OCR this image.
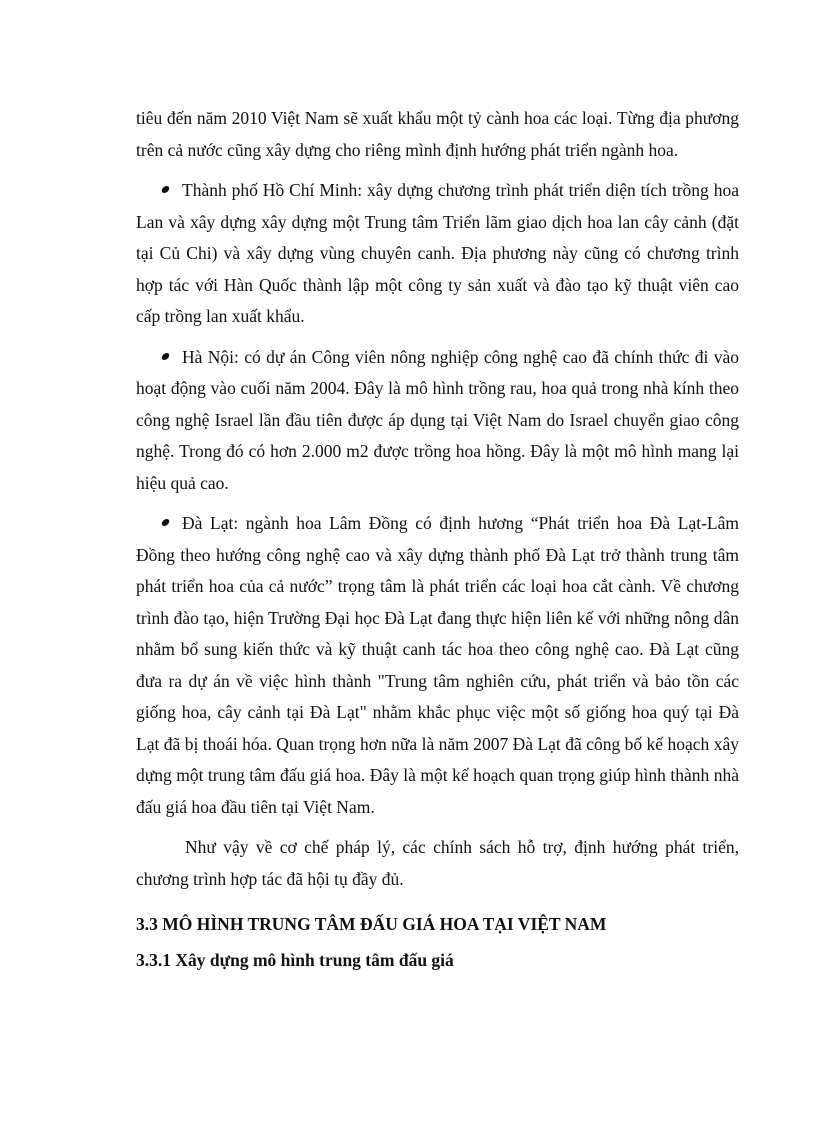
tiêu đến năm 2010 Việt Nam sẽ xuất khẩu một tỷ cành hoa các loại. Từng địa phương trên cả nước cũng xây dựng cho riêng mình định hướng phát triển ngành hoa.

Thành phố Hồ Chí Minh: xây dựng chương trình phát triển diện tích trồng hoa Lan và xây dựng xây dựng một Trung tâm Triển lãm giao dịch hoa lan cây cảnh (đặt tại Củ Chi) và xây dựng vùng chuyên canh. Địa phương này cũng có chương trình hợp tác với Hàn Quốc thành lập một công ty sản xuất và đào tạo kỹ thuật viên cao cấp trồng lan xuất khẩu.

Hà Nội: có dự án Công viên nông nghiệp công nghệ cao đã chính thức đi vào hoạt động vào cuối năm 2004. Đây là mô hình trồng rau, hoa quả trong nhà kính theo công nghệ Israel lần đầu tiên được áp dụng tại Việt Nam do Israel chuyển giao công nghệ. Trong đó có hơn 2.000 m2 được trồng hoa hồng. Đây là một mô hình mang lại hiệu quả cao.

Đà Lạt: ngành hoa Lâm Đồng có định hương “Phát triển hoa Đà Lạt-Lâm Đồng theo hướng công nghệ cao và xây dựng thành phố Đà Lạt trở thành trung tâm phát triển hoa của cả nước” trọng tâm là phát triển các loại hoa cắt cành. Về chương trình đào tạo, hiện Trường Đại học Đà Lạt đang thực hiện liên kế với những nông dân nhằm bổ sung kiến thức và kỹ thuật canh tác hoa theo công nghệ cao. Đà Lạt cũng đưa ra dự án về việc hình thành "Trung tâm nghiên cứu, phát triển và bảo tồn các giống hoa, cây cảnh tại Đà Lạt" nhằm khắc phục việc một số giống hoa quý tại Đà Lạt đã bị thoái hóa. Quan trọng hơn nữa là năm 2007 Đà Lạt đã công bố kế hoạch xây dựng một trung tâm đấu giá hoa. Đây là một kế hoạch quan trọng giúp hình thành nhà đấu giá hoa đầu tiên tại Việt Nam.

Như vậy về cơ chế pháp lý, các chính sách hỗ trợ, định hướng phát triển, chương trình hợp tác đã hội tụ đầy đủ.

3.3 MÔ HÌNH TRUNG TÂM ĐẤU GIÁ HOA TẠI VIỆT NAM
3.3.1 Xây dựng mô hình trung tâm đấu giá
